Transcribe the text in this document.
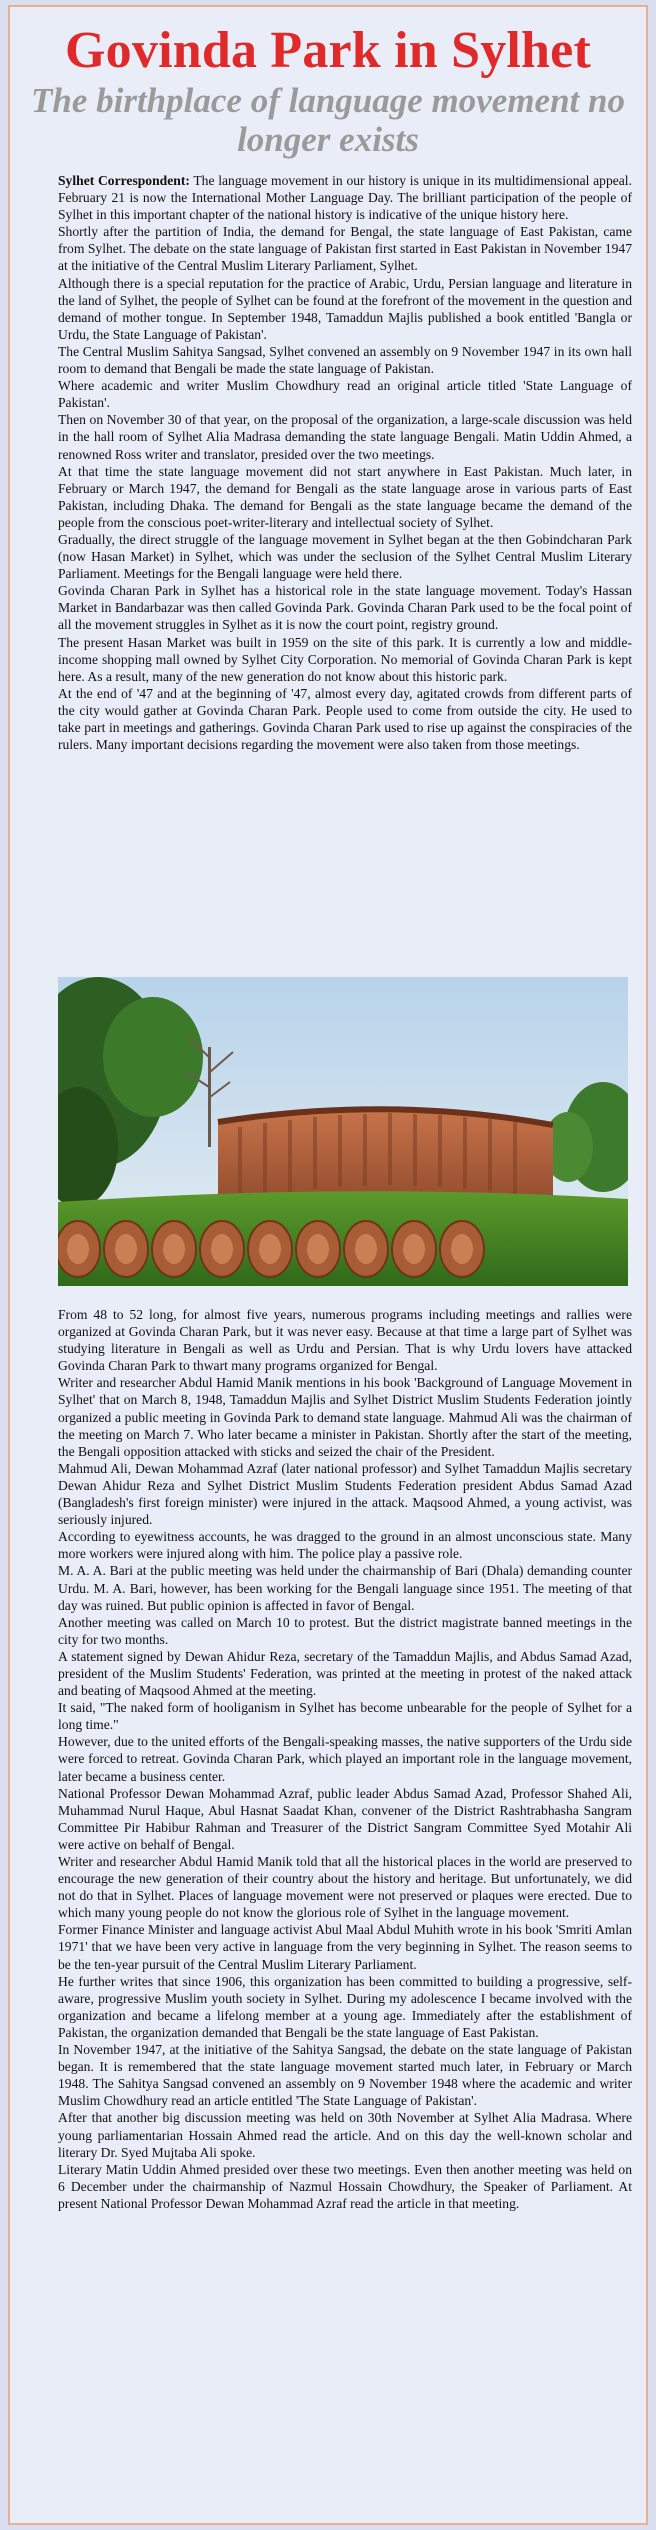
Govinda Park in Sylhet
The birthplace of language movement no longer exists

Sylhet Correspondent: The language movement in our history is unique in its multidimensional appeal. February 21 is now the International Mother Language Day. The brilliant participation of the people of Sylhet in this important chapter of the national history is indicative of the unique history here.

Shortly after the partition of India, the demand for Bengal, the state language of East Pakistan, came from Sylhet. The debate on the state language of Pakistan first started in East Pakistan in November 1947 at the initiative of the Central Muslim Literary Parliament, Sylhet.

Although there is a special reputation for the practice of Arabic, Urdu, Persian language and literature in the land of Sylhet, the people of Sylhet can be found at the forefront of the movement in the question and demand of mother tongue. In September 1948, Tamaddun Majlis published a book entitled 'Bangla or Urdu, the State Language of Pakistan'.

The Central Muslim Sahitya Sangsad, Sylhet convened an assembly on 9 November 1947 in its own hall room to demand that Bengali be made the state language of Pakistan.

Where academic and writer Muslim Chowdhury read an original article titled 'State Language of Pakistan'.

Then on November 30 of that year, on the proposal of the organization, a large-scale discussion was held in the hall room of Sylhet Alia Madrasa demanding the state language Bengali. Matin Uddin Ahmed, a renowned Ross writer and translator, presided over the two meetings.

At that time the state language movement did not start anywhere in East Pakistan. Much later, in February or March 1947, the demand for Bengali as the state language arose in various parts of East Pakistan, including Dhaka. The demand for Bengali as the state language became the demand of the people from the conscious poet-writer-literary and intellectual society of Sylhet.

Gradually, the direct struggle of the language movement in Sylhet began at the then Gobindcharan Park (now Hasan Market) in Sylhet, which was under the seclusion of the Sylhet Central Muslim Literary Parliament. Meetings for the Bengali language were held there.

Govinda Charan Park in Sylhet has a historical role in the state language movement. Today's Hassan Market in Bandarbazar was then called Govinda Park. Govinda Charan Park used to be the focal point of all the movement struggles in Sylhet as it is now the court point, registry ground.

The present Hasan Market was built in 1959 on the site of this park. It is currently a low and middle-income shopping mall owned by Sylhet City Corporation. No memorial of Govinda Charan Park is kept here. As a result, many of the new generation do not know about this historic park.

At the end of '47 and at the beginning of '47, almost every day, agitated crowds from different parts of the city would gather at Govinda Charan Park. People used to come from outside the city. He used to take part in meetings and gatherings. Govinda Charan Park used to rise up against the conspiracies of the rulers. Many important decisions regarding the movement were also taken from those meetings.

From 48 to 52 long, for almost five years, numerous programs including meetings and rallies were organized at Govinda Charan Park, but it was never easy. Because at that time a large part of Sylhet was studying literature in Bengali as well as Urdu and Persian. That is why Urdu lovers have attacked Govinda Charan Park to thwart many programs organized for Bengal.

Writer and researcher Abdul Hamid Manik mentions in his book 'Background of Language Movement in Sylhet' that on March 8, 1948, Tamaddun Majlis and Sylhet District Muslim Students Federation jointly organized a public meeting in Govinda Park to demand state language. Mahmud Ali was the chairman of the meeting on March 7. Who later became a minister in Pakistan. Shortly after the start of the meeting, the Bengali opposition attacked with sticks and seized the chair of the President.

Mahmud Ali, Dewan Mohammad Azraf (later national professor) and Sylhet Tamaddun Majlis secretary Dewan Ahidur Reza and Sylhet District Muslim Students Federation president Abdus Samad Azad (Bangladesh's first foreign minister) were injured in the attack. Maqsood Ahmed, a young activist, was seriously injured.

According to eyewitness accounts, he was dragged to the ground in an almost unconscious state. Many more workers were injured along with him. The police play a passive role.

M. A. A. Bari at the public meeting was held under the chairmanship of Bari (Dhala) demanding counter Urdu. M. A. Bari, however, has been working for the Bengali language since 1951. The meeting of that day was ruined. But public opinion is affected in favor of Bengal.

Another meeting was called on March 10 to protest. But the district magistrate banned meetings in the city for two months.

A statement signed by Dewan Ahidur Reza, secretary of the Tamaddun Majlis, and Abdus Samad Azad, president of the Muslim Students' Federation, was printed at the meeting in protest of the naked attack and beating of Maqsood Ahmed at the meeting.

It said, "The naked form of hooliganism in Sylhet has become unbearable for the people of Sylhet for a long time."

However, due to the united efforts of the Bengali-speaking masses, the native supporters of the Urdu side were forced to retreat. Govinda Charan Park, which played an important role in the language movement, later became a business center.

National Professor Dewan Mohammad Azraf, public leader Abdus Samad Azad, Professor Shahed Ali, Muhammad Nurul Haque, Abul Hasnat Saadat Khan, convener of the District Rashtrabhasha Sangram Committee Pir Habibur Rahman and Treasurer of the District Sangram Committee Syed Motahir Ali were active on behalf of Bengal.

Writer and researcher Abdul Hamid Manik told that all the historical places in the world are preserved to encourage the new generation of their country about the history and heritage. But unfortunately, we did not do that in Sylhet. Places of language movement were not preserved or plaques were erected. Due to which many young people do not know the glorious role of Sylhet in the language movement.

Former Finance Minister and language activist Abul Maal Abdul Muhith wrote in his book 'Smriti Amlan 1971' that we have been very active in language from the very beginning in Sylhet. The reason seems to be the ten-year pursuit of the Central Muslim Literary Parliament.

He further writes that since 1906, this organization has been committed to building a progressive, self-aware, progressive Muslim youth society in Sylhet. During my adolescence I became involved with the organization and became a lifelong member at a young age. Immediately after the establishment of Pakistan, the organization demanded that Bengali be the state language of East Pakistan.

In November 1947, at the initiative of the Sahitya Sangsad, the debate on the state language of Pakistan began. It is remembered that the state language movement started much later, in February or March 1948. The Sahitya Sangsad convened an assembly on 9 November 1948 where the academic and writer Muslim Chowdhury read an article entitled 'The State Language of Pakistan'.

After that another big discussion meeting was held on 30th November at Sylhet Alia Madrasa. Where young parliamentarian Hossain Ahmed read the article. And on this day the well-known scholar and literary Dr. Syed Mujtaba Ali spoke.

Literary Matin Uddin Ahmed presided over these two meetings. Even then another meeting was held on 6 December under the chairmanship of Nazmul Hossain Chowdhury, the Speaker of Parliament. At present National Professor Dewan Mohammad Azraf read the article in that meeting.
